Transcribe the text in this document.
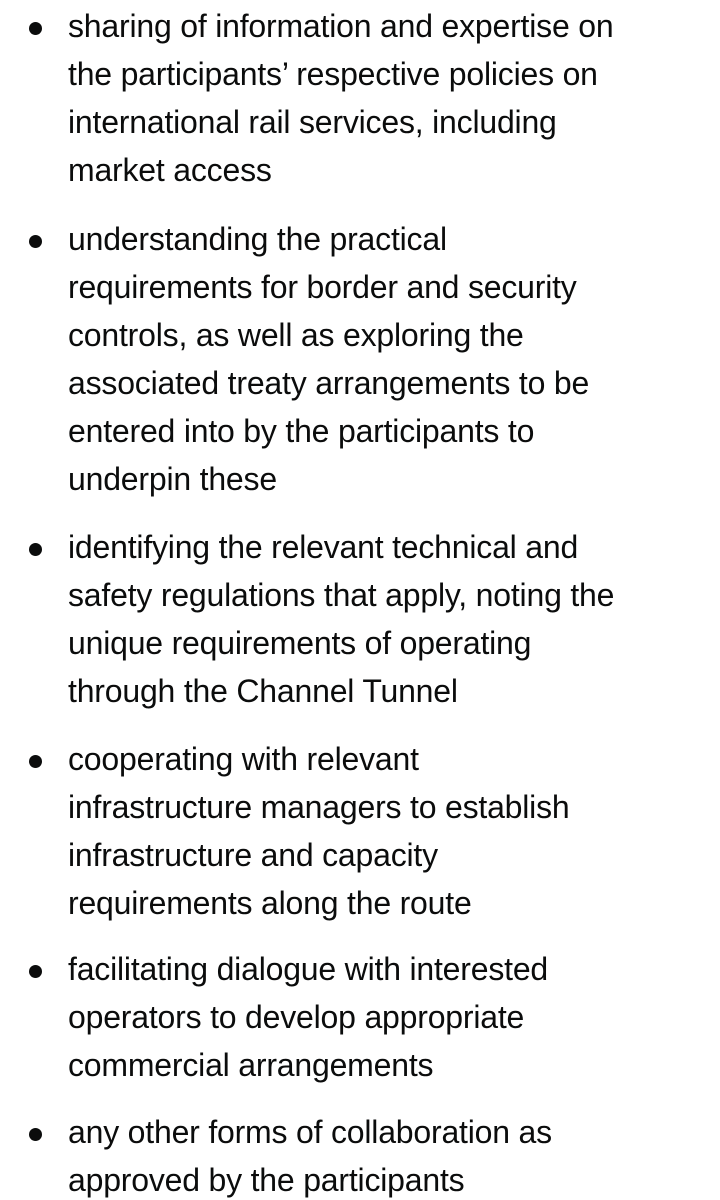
sharing of information and expertise on
the participants’ respective policies on
international rail services, including
market access
understanding the practical
requirements for border and security
controls, as well as exploring the
associated treaty arrangements to be
entered into by the participants to
underpin these
identifying the relevant technical and
safety regulations that apply, noting the
unique requirements of operating
through the Channel Tunnel
cooperating with relevant
infrastructure managers to establish
infrastructure and capacity
requirements along the route
facilitating dialogue with interested
operators to develop appropriate
commercial arrangements
any other forms of collaboration as
approved by the participants
